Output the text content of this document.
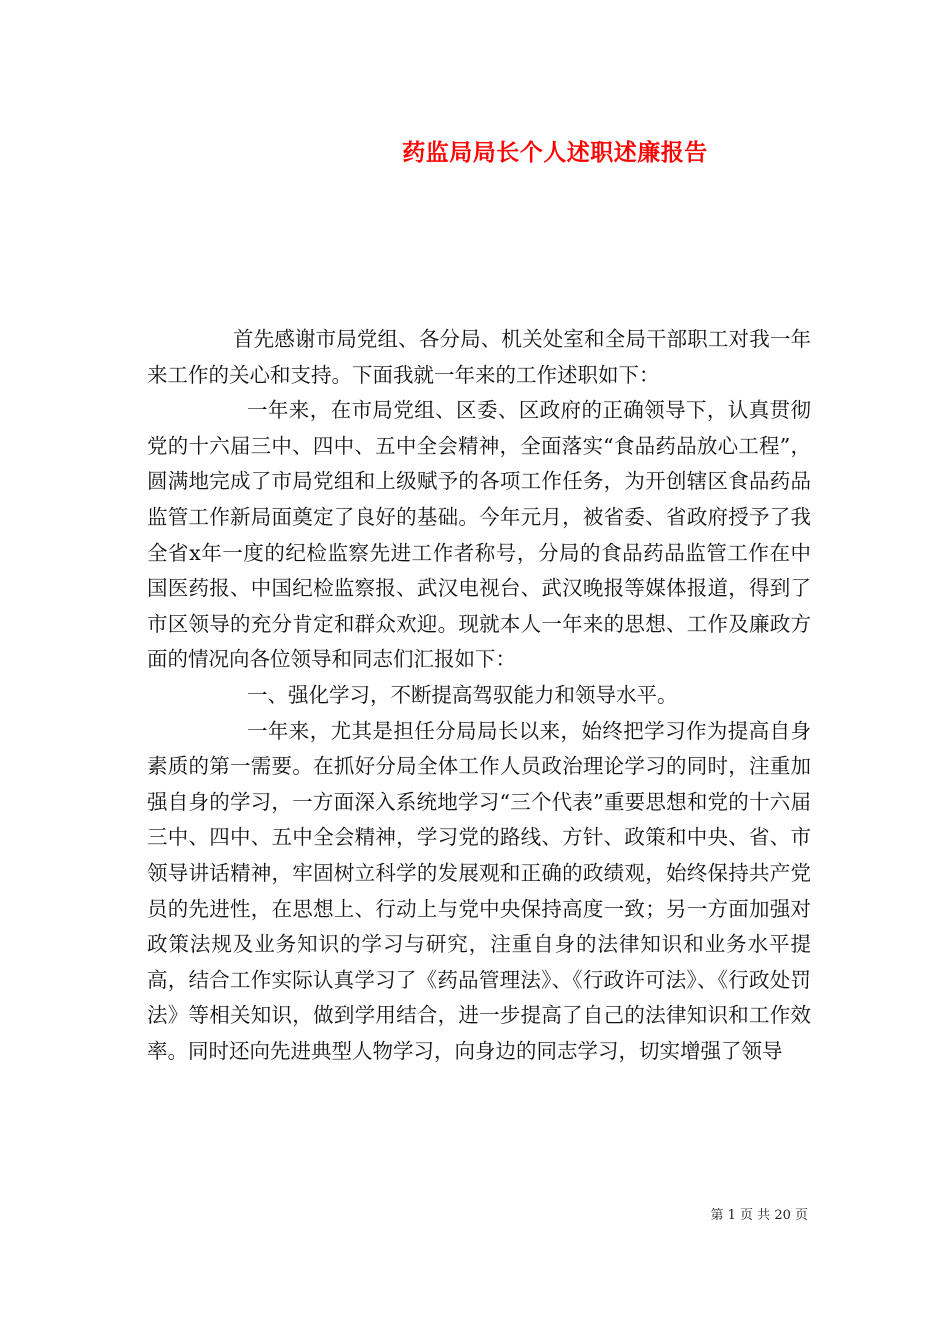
药监局局长个人述职述廉报告

首先感谢市局党组、各分局、机关处室和全局干部职工对我一年来工作的关心和支持。下面我就一年来的工作述职如下：

一年来，在市局党组、区委、区政府的正确领导下，认真贯彻党的十六届三中、四中、五中全会精神，全面落实“食品药品放心工程”，圆满地完成了市局党组和上级赋予的各项工作任务，为开创辖区食品药品监管工作新局面奠定了良好的基础。今年元月，被省委、省政府授予了我全省x年一度的纪检监察先进工作者称号，分局的食品药品监管工作在中国医药报、中国纪检监察报、武汉电视台、武汉晚报等媒体报道，得到了市区领导的充分肯定和群众欢迎。现就本人一年来的思想、工作及廉政方面的情况向各位领导和同志们汇报如下：

一、强化学习，不断提高驾驭能力和领导水平。

一年来，尤其是担任分局局长以来，始终把学习作为提高自身素质的第一需要。在抓好分局全体工作人员政治理论学习的同时，注重加强自身的学习，一方面深入系统地学习“三个代表”重要思想和党的十六届三中、四中、五中全会精神，学习党的路线、方针、政策和中央、省、市领导讲话精神，牢固树立科学的发展观和正确的政绩观，始终保持共产党员的先进性，在思想上、行动上与党中央保持高度一致；另一方面加强对政策法规及业务知识的学习与研究，注重自身的法律知识和业务水平提高，结合工作实际认真学习了《药品管理法》、《行政许可法》、《行政处罚法》等相关知识，做到学用结合，进一步提高了自己的法律知识和工作效率。同时还向先进典型人物学习，向身边的同志学习，切实增强了领导

第 1 页 共 20 页
